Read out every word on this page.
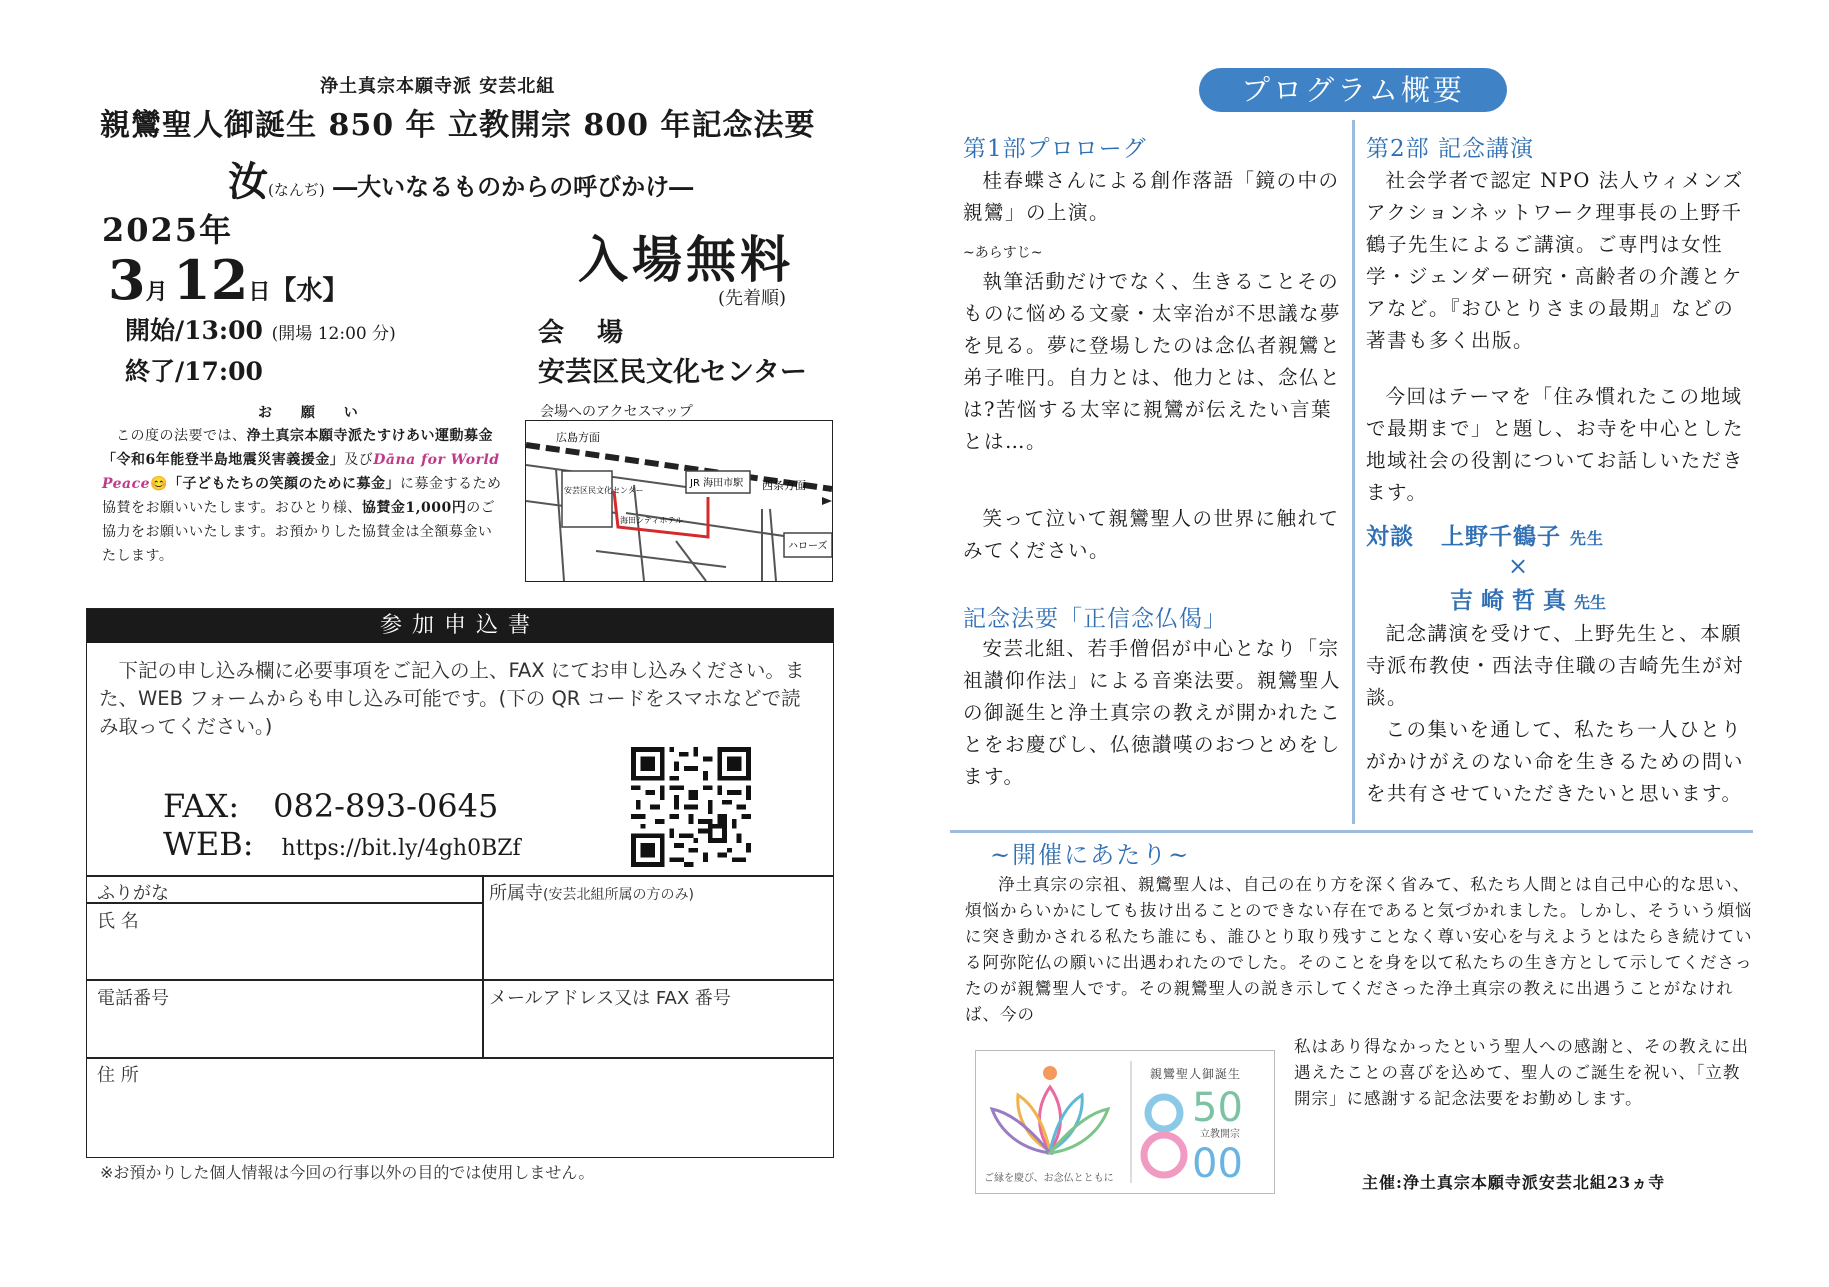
浄土真宗本願寺派 安芸北組
親鸞聖人御誕生 850 年 立教開宗 800 年記念法要
汝(なんぢ) ―大いなるものからの呼びかけ―
2025年
3月 12日【水】
入場無料
(先着順)
開始/13:00 (開場 12:00 分)
終了/17:00
会 場
安芸区民文化センター
お 願 い

この度の法要では、浄土真宗本願寺派たすけあい運動募金「令和6年能登半島地震災害義援金」及びDāna for World Peace😊「子どもたちの笑顔のために募金」に募金するため協賛をお願いいたします。おひとり様、協賛金1,000円のご協力をお願いいたします。お預かりした協賛金は全額募金いたします。

会場へのアクセスマップ
広島方面
西条方面
JR 海田市駅
安芸区民文化センター
海田シティホテル
ハローズ
参加申込書

下記の申し込み欄に必要事項をご記入の上、FAX にてお申し込みください。また、WEB フォームからも申し込み可能です。(下の QR コードをスマホなどで読み取ってください。)

FAX: 082-893-0645
WEB: https://bit.ly/4gh0BZf
ふりがな	所属寺(安芸北組所属の方のみ)
氏 名
電話番号	メールアドレス又は FAX 番号
住 所
※お預かりした個人情報は今回の行事以外の目的では使用しません。
プログラム概要
第1部プロローグ

桂春蝶さんによる創作落語「鏡の中の親鸞」の上演。

~あらすじ~

執筆活動だけでなく、生きることそのものに悩める文豪・太宰治が不思議な夢を見る。夢に登場したのは念仏者親鸞と弟子唯円。自力とは、他力とは、念仏とは?苦悩する太宰に親鸞が伝えたい言葉とは…。

笑って泣いて親鸞聖人の世界に触れてみてください。

記念法要「正信念仏偈」

安芸北組、若手僧侶が中心となり「宗祖讃仰作法」による音楽法要。親鸞聖人の御誕生と浄土真宗の教えが開かれたことをお慶びし、仏徳讃嘆のおつとめをします。

第2部 記念講演

社会学者で認定 NPO 法人ウィメンズアクションネットワーク理事長の上野千鶴子先生によるご講演。ご専門は女性学・ジェンダー研究・高齢者の介護とケアなど。『おひとりさまの最期』などの著書も多く出版。

今回はテーマを「住み慣れたこの地域で最期まで」と題し、お寺を中心とした地域社会の役割についてお話しいただきます。

対談 上野千鶴子 先生
×
吉崎哲真先生

記念講演を受けて、上野先生と、本願寺派布教使・西法寺住職の吉崎先生が対談。

この集いを通して、私たち一人ひとりがかけがえのない命を生きるための問いを共有させていただきたいと思います。

~開催にあたり~

浄土真宗の宗祖、親鸞聖人は、自己の在り方を深く省みて、私たち人間とは自己中心的な思い、煩悩からいかにしても抜け出ることのできない存在であると気づかれました。しかし、そういう煩悩に突き動かされる私たち誰にも、誰ひとり取り残すことなく尊い安心を与えようとはたらき続けている阿弥陀仏の願いに出遇われたのでした。そのことを身を以て私たちの生き方として示してくださったのが親鸞聖人です。その親鸞聖人の説き示してくださった浄土真宗の教えに出遇うことがなければ、今の

私はあり得なかったという聖人への感謝と、その教えに出遇えたことの喜びを込めて、聖人のご誕生を祝い、「立教開宗」に感謝する記念法要をお勤めします。

50
00
親鸞聖人御誕生
立教開宗
ご縁を慶び、お念仏とともに	主催:浄土真宗本願寺派安芸北組23ヵ寺
